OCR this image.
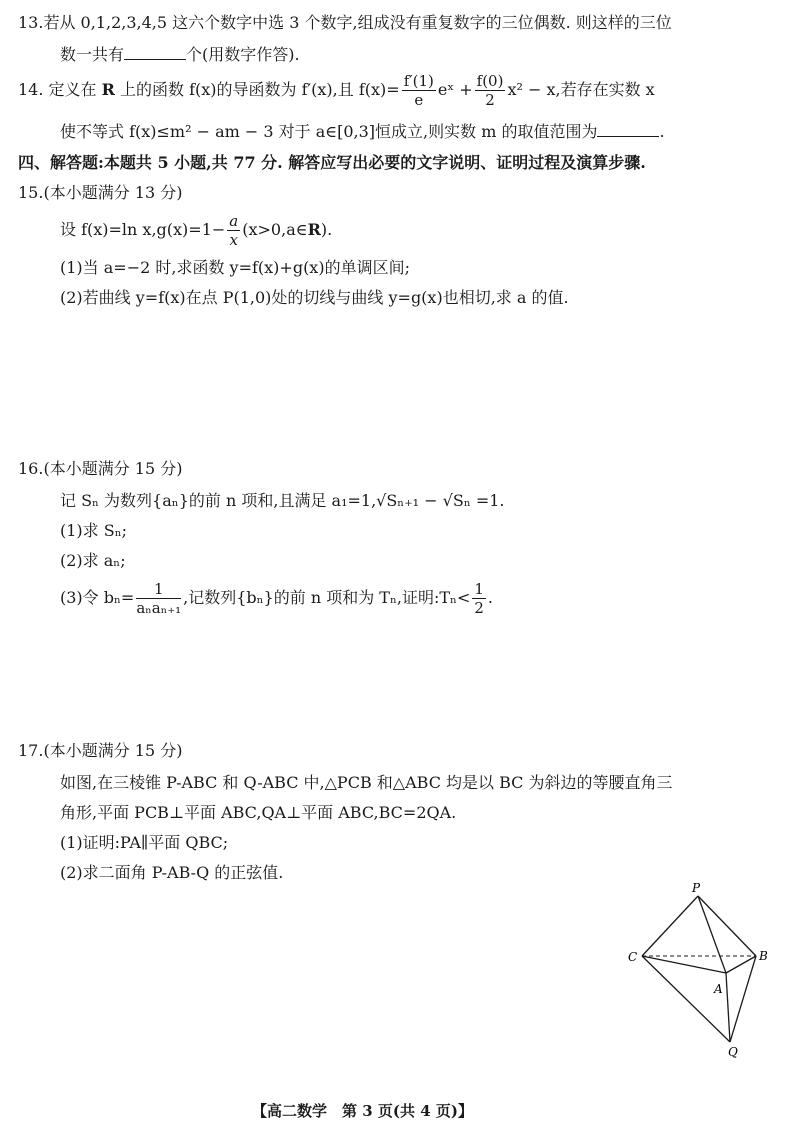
13.若从 0,1,2,3,4,5 这六个数字中选 3 个数字,组成没有重复数字的三位偶数. 则这样的三位
数一共有	个(用数字作答).
14. 定义在 R 上的函数 f(x)的导函数为 f′(x),且 $f(x)= \frac{f'(1)}{e}$ eˣ + $\frac{f(0)}{2} x^2 - x$,若存在实数 x
使不等式 f(x)≤m² − am − 3 对于 a∈[0,3]恒成立,则实数 m 的取值范围为	.
四、解答题:本题共 5 小题,共 77 分. 解答应写出必要的文字说明、证明过程及演算步骤.
15.(本小题满分 13 分)
设 f(x)=ln $x,g(x)=1- \frac{a}{x}$ (x>0,a∈R).
(1)当 a=−2 时,求函数 y=f(x)+g(x)的单调区间;
(2)若曲线 y=f(x)在点 P(1,0)处的切线与曲线 y=g(x)也相切,求 a 的值.
16.(本小题满分 15 分)
记 Sₙ 为数列{aₙ}的前 n 项和,且满足 a₁=1,√Sₙ₊₁ − √Sₙ =1.
(1)求 Sₙ;
(2)求 aₙ;
(3)令 $b_n= \frac{1}{\text{aₙaₙ₊₁}}$ ,记数列{bₙ}的前 n 项和为 Tₙ,证明:Tₙ< $\frac{1}{2}$ .
17.(本小题满分 15 分)
如图,在三棱锥 P-ABC 和 Q-ABC 中,△PCB 和△ABC 均是以 BC 为斜边的等腰直角三
角形,平面 PCB⊥平面 ABC,QA⊥平面 ABC,BC=2QA.
(1)证明:PA∥平面 QBC;
(2)求二面角 P-AB-Q 的正弦值.
P
C	B
A
Q
【高二数学　第 3 页(共 4 页)】
